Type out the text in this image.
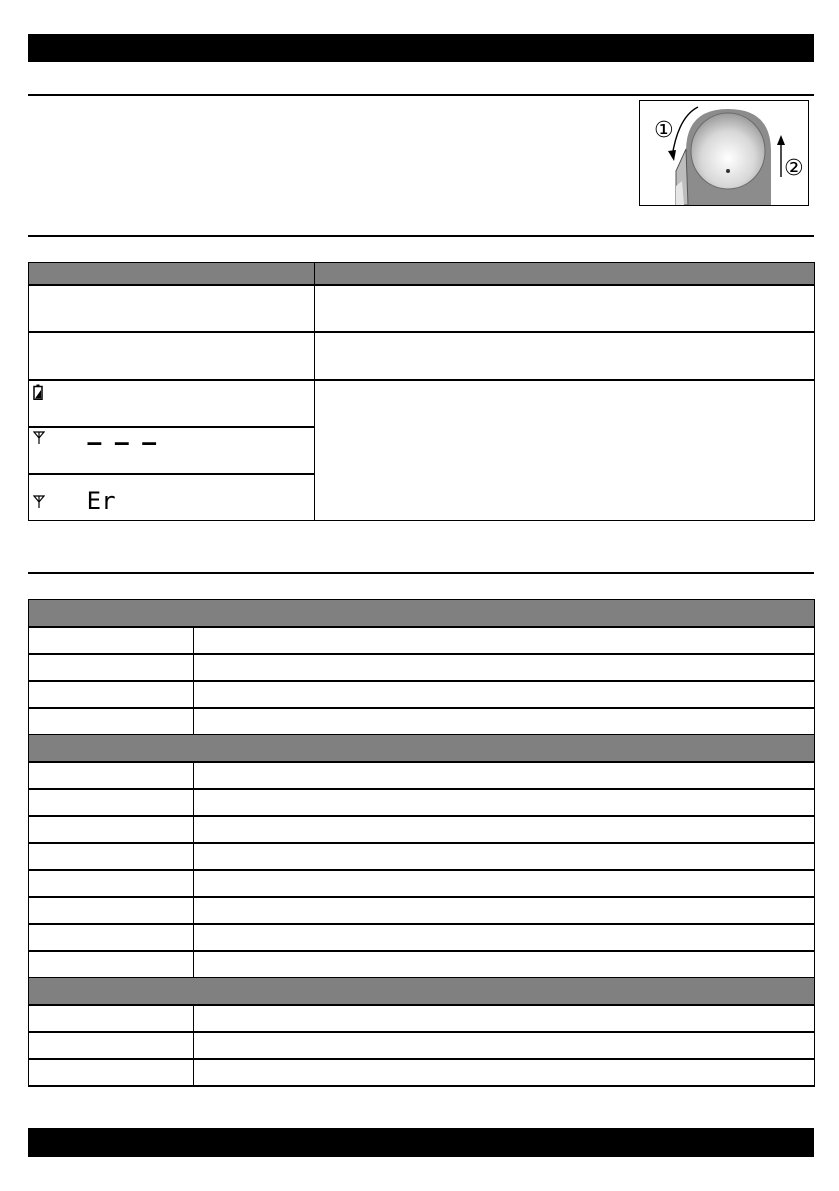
①
②

– – –	
Er	
